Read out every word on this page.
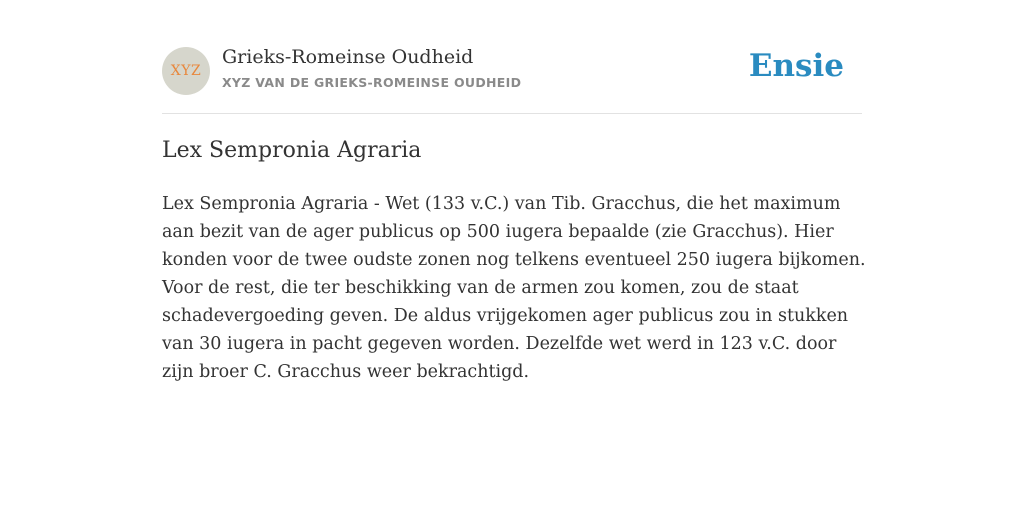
XYZ
Grieks-Romeinse Oudheid
XYZ VAN DE GRIEKS-ROMEINSE OUDHEID	Ensie
Lex Sempronia Agraria

Lex Sempronia Agraria - Wet (133 v.C.) van Tib. Gracchus, die het maximum aan bezit van de ager publicus op 500 iugera bepaalde (zie Gracchus). Hier konden voor de twee oudste zonen nog telkens eventueel 250 iugera bijkomen. Voor de rest, die ter beschikking van de armen zou komen, zou de staat schadevergoeding geven. De aldus vrijgekomen ager publicus zou in stukken van 30 iugera in pacht gegeven worden. Dezelfde wet werd in 123 v.C. door zijn broer C. Gracchus weer bekrachtigd.
